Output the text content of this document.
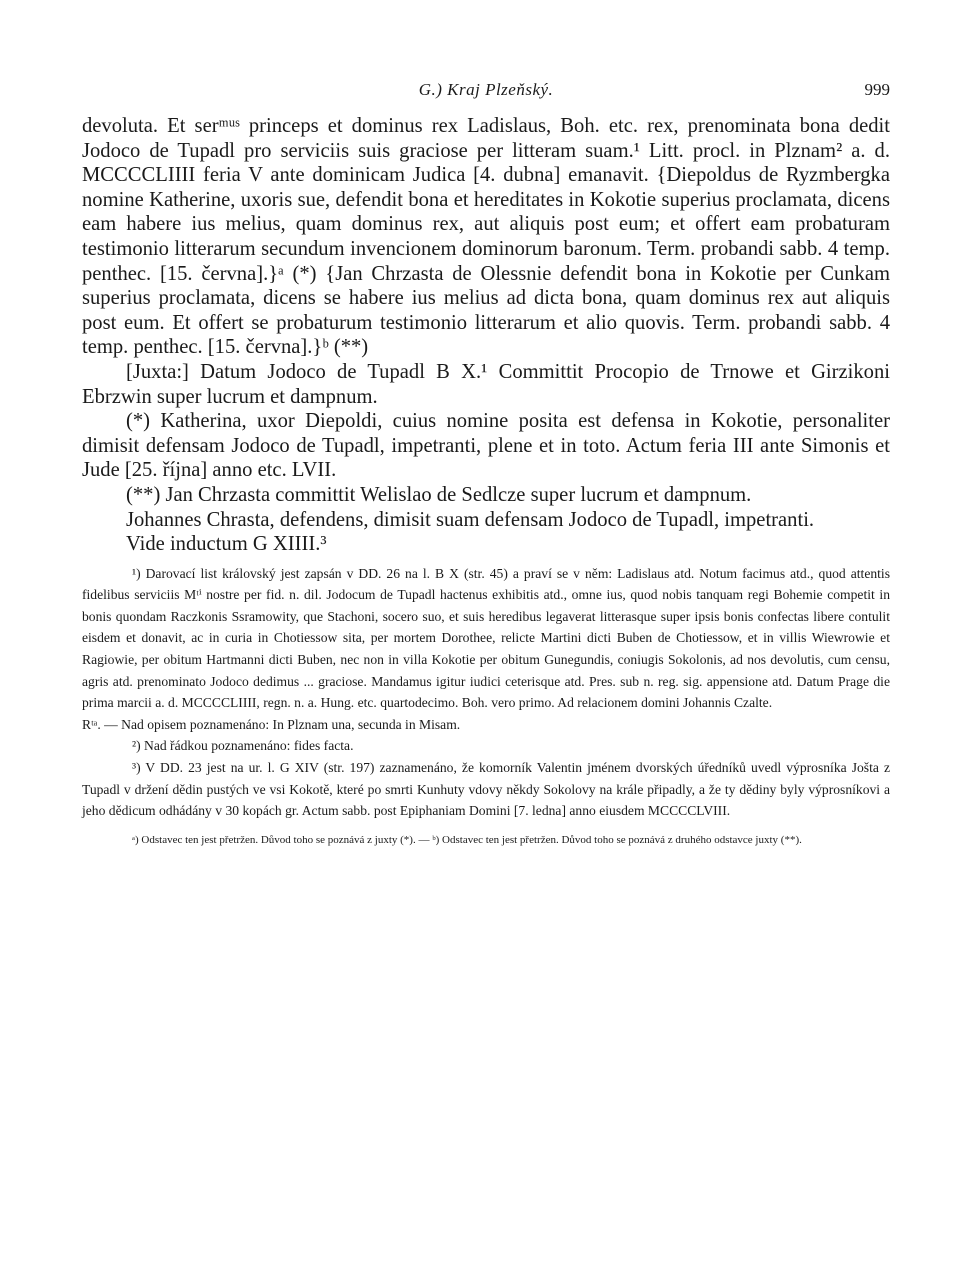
G.) Kraj Plzeňský.	999

devoluta. Et serᵐᵘˢ princeps et dominus rex Ladislaus, Boh. etc. rex, prenominata bona dedit Jodoco de Tupadl pro serviciis suis graciose per litteram suam.¹ Litt. procl. in Plznam² a. d. MCCCCLIIII feria V ante dominicam Judica [4. dubna] emanavit. {Diepoldus de Ryzmbergka nomine Katherine, uxoris sue, defendit bona et hereditates in Kokotie superius proclamata, dicens eam habere ius melius, quam dominus rex, aut aliquis post eum; et offert eam probaturam testimonio litterarum secundum invencionem dominorum baronum. Term. probandi sabb. 4 temp. penthec. [15. června].}ᵃ (*) {Jan Chrzasta de Olessnie defendit bona in Kokotie per Cunkam superius proclamata, dicens se habere ius melius ad dicta bona, quam dominus rex aut aliquis post eum. Et offert se probaturum testimonio litterarum et alio quovis. Term. probandi sabb. 4 temp. penthec. [15. června].}ᵇ (**)

[Juxta:] Datum Jodoco de Tupadl B X.¹ Committit Procopio de Trnowe et Girzikoni Ebrzwin super lucrum et dampnum.

(*) Katherina, uxor Diepoldi, cuius nomine posita est defensa in Kokotie, personaliter dimisit defensam Jodoco de Tupadl, impetranti, plene et in toto. Actum feria III ante Simonis et Jude [25. října] anno etc. LVII.

(**) Jan Chrzasta committit Welislao de Sedlcze super lucrum et dampnum.

Johannes Chrasta, defendens, dimisit suam defensam Jodoco de Tupadl, impetranti.

Vide inductum G XIIII.³

¹) Darovací list královský jest zapsán v DD. 26 na l. B X (str. 45) a praví se v něm: Ladislaus atd. Notum facimus atd., quod attentis fidelibus serviciis Mᵗⁱ nostre per fid. n. dil. Jodocum de Tupadl hactenus exhibitis atd., omne ius, quod nobis tanquam regi Bohemie competit in bonis quondam Raczkonis Ssramowity, que Stachoni, socero suo, et suis heredibus legaverat litterasque super ipsis bonis confectas libere contulit eisdem et donavit, ac in curia in Chotiessow sita, per mortem Dorothee, relicte Martini dicti Buben de Chotiessow, et in villis Wiewrowie et Ragiowie, per obitum Hartmanni dicti Buben, nec non in villa Kokotie per obitum Gunegundis, coniugis Sokolonis, ad nos devolutis, cum censu, agris atd. prenominato Jodoco dedimus ... graciose. Mandamus igitur iudici ceterisque atd. Pres. sub n. reg. sig. appensione atd. Datum Prage die prima marcii a. d. MCCCCLIIII, regn. n. a. Hung. etc. quartodecimo. Boh. vero primo. Ad relacionem domini Johannis Czalte.

Rᵗᵃ. — Nad opisem poznamenáno: In Plznam una, secunda in Misam.

²) Nad řádkou poznamenáno: fides facta.

³) V DD. 23 jest na ur. l. G XIV (str. 197) zaznamenáno, že komorník Valentin jménem dvorských úředníků uvedl výprosníka Jošta z Tupadl v držení dědin pustých ve vsi Kokotě, které po smrti Kunhuty vdovy někdy Sokolovy na krále připadly, a že ty dědiny byly výprosníkovi a jeho dědicum odhádány v 30 kopách gr. Actum sabb. post Epiphaniam Domini [7. ledna] anno eiusdem MCCCCLVIII.

ᵃ) Odstavec ten jest přetržen. Důvod toho se poznává z juxty (*). — ᵇ) Odstavec ten jest přetržen. Důvod toho se poznává z druhého odstavce juxty (**).
